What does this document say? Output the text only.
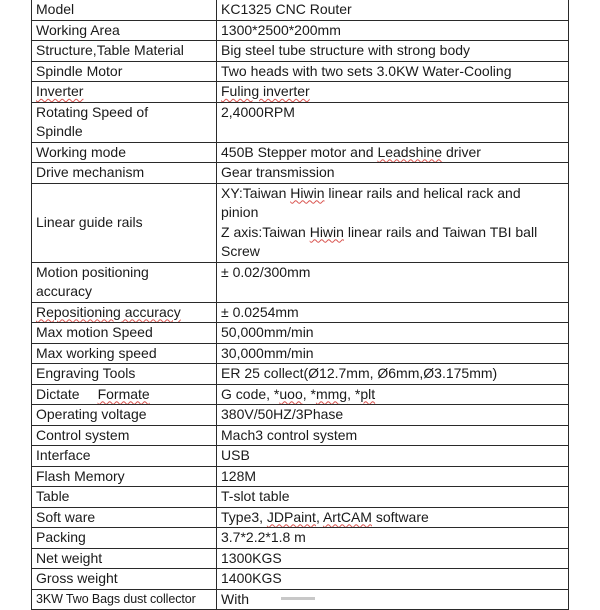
Model	KC1325 CNC Router
Working Area	1300*2500*200mm
Structure,Table Material	Big steel tube structure with strong body
Spindle Motor	Two heads with two sets 3.0KW Water-Cooling
Inverter	Fuling inverter

Rotating Speed of
Spindle	2,4000RPM
Working mode	450B Stepper motor and Leadshine driver
Drive mechanism	Gear transmission
Linear guide rails	XY:Taiwan Hiwin linear rails and helical rack and
pinion
Z axis:Taiwan Hiwin linear rails and Taiwan TBI ball
Screw

Motion positioning
accuracy	± 0.02/300mm
Repositioning accuracy	± 0.0254mm
Max motion Speed	50,000mm/min
Max working speed	30,000mm/min
Engraving Tools	ER 25 collect(Ø12.7mm, Ø6mm,Ø3.175mm)
Dictate Formate	G code, *uoo, *mmg, *plt
Operating voltage	380V/50HZ/3Phase
Control system	Mach3 control system
Interface	USB
Flash Memory	128M
Table	T-slot table
Soft ware	Type3, JDPaint, ArtCAM software
Packing	3.7*2.2*1.8 m
Net weight	1300KGS
Gross weight	1400KGS
3KW Two Bags dust collector	With
